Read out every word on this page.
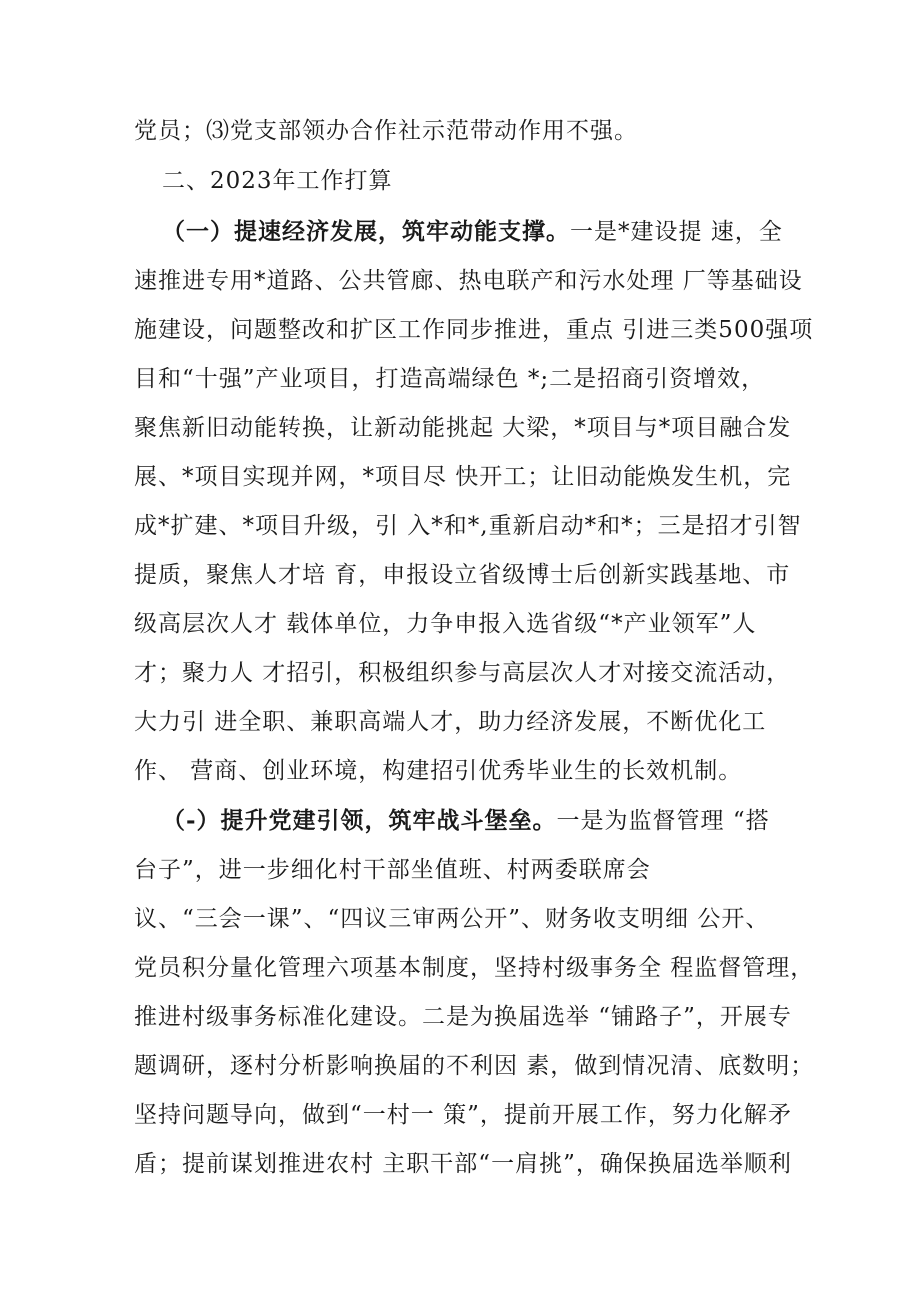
党员；⑶党支部领办合作社示范带动作用不强。
二、2023年工作打算
（一）提速经济发展，筑牢动能支撑。一是*建设提 速，全
速推进专用*道路、公共管廊、热电联产和污水处理 厂等基础设
施建设，问题整改和扩区工作同步推进，重点 引进三类500强项
目和“十强”产业项目，打造高端绿色 *;二是招商引资增效，
聚焦新旧动能转换，让新动能挑起 大梁，*项目与*项目融合发
展、*项目实现并网，*项目尽 快开工；让旧动能焕发生机，完
成*扩建、*项目升级，引 入*和*,重新启动*和*；三是招才引智
提质，聚焦人才培 育，申报设立省级博士后创新实践基地、市
级高层次人才 载体单位，力争申报入选省级“*产业领军”人
才；聚力人 才招引，积极组织参与高层次人才对接交流活动，
大力引 进全职、兼职高端人才，助力经济发展，不断优化工
作、 营商、创业环境，构建招引优秀毕业生的长效机制。
（-）提升党建引领，筑牢战斗堡垒。一是为监督管理 “搭
台子”，进一步细化村干部坐值班、村两委联席会
议、“三会一课”、“四议三审两公开”、财务收支明细 公开、
党员积分量化管理六项基本制度，坚持村级事务全 程监督管理，
推进村级事务标准化建设。二是为换届选举 “铺路子”，开展专
题调研，逐村分析影响换届的不利因 素，做到情况清、底数明；
坚持问题导向，做到“一村一 策”，提前开展工作，努力化解矛
盾；提前谋划推进农村 主职干部“一肩挑”，确保换届选举顺利
